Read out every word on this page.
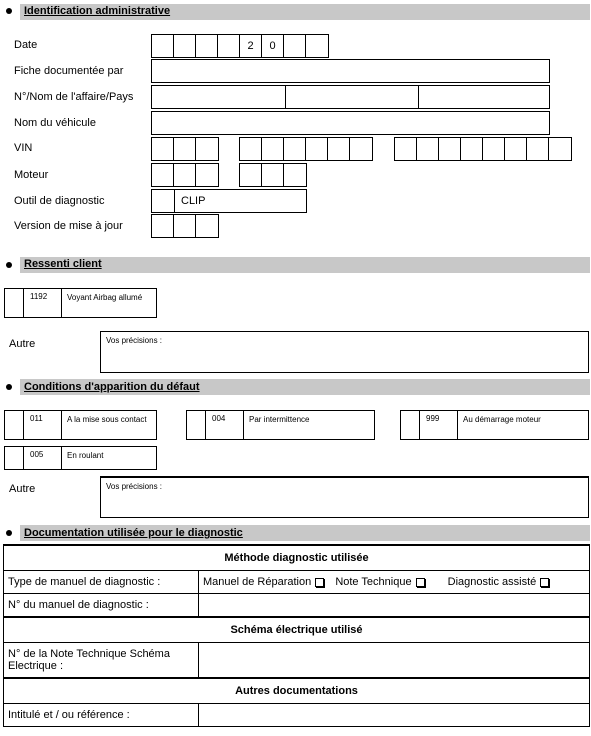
Identification administrative
Date	2	0
Fiche documentée par
N°/Nom de l'affaire/Pays
Nom du véhicule
VIN
Moteur
Outil de diagnostic	CLIP
Version de mise à jour
Ressenti client
1192	Voyant Airbag allumé
Autre	Vos précisions :
Conditions d'apparition du défaut
011	A la mise sous contact	004	Par intermittence	999	Au démarrage moteur
005	En roulant
Autre	Vos précisions :
Documentation utilisée pour le diagnostic
Méthode diagnostic utilisée	
Type de manuel de diagnostic :	Manuel de Réparation Note Technique Diagnostic assisté
N° du manuel de diagnostic :	
Schéma électrique utilisé	
N° de la Note Technique Schéma Electrique :	
Autres documentations	
Intitulé et / ou référence :	
